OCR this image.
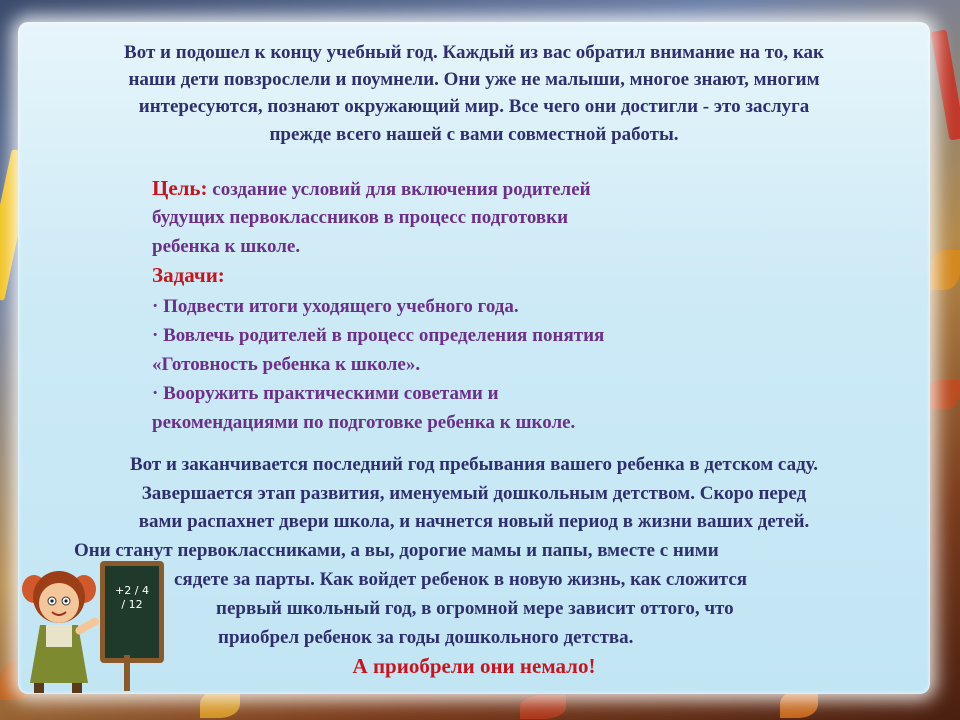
Вот и подошел к концу учебный год. Каждый из вас обратил внимание на то, как
наши дети повзрослели и поумнели. Они уже не малыши, многое знают, многим
интересуются, познают окружающий мир. Все чего они достигли - это заслуга
прежде всего нашей с вами совместной работы.
Цель: создание условий для включения родителей
будущих первоклассников в процесс подготовки
ребенка к школе.
Задачи:
· Подвести итоги уходящего учебного года.
· Вовлечь родителей в процесс определения понятия
«Готовность ребенка к школе».
· Вооружить практическими советами и
рекомендациями по подготовке ребенка к школе.
Вот и заканчивается последний год пребывания вашего ребенка в детском саду.
Завершается этап развития, именуемый дошкольным детством. Скоро перед
вами распахнет двери школа, и начнется новый период в жизни ваших детей.
Они станут первоклассниками, а вы, дорогие мамы и папы, вместе с ними
сядете за парты. Как войдет ребенок в новую жизнь, как сложится
первый школьный год, в огромной мере зависит оттого, что
приобрел ребенок за годы дошкольного детства.
А приобрели они немало!
+2 / 4 / 12
